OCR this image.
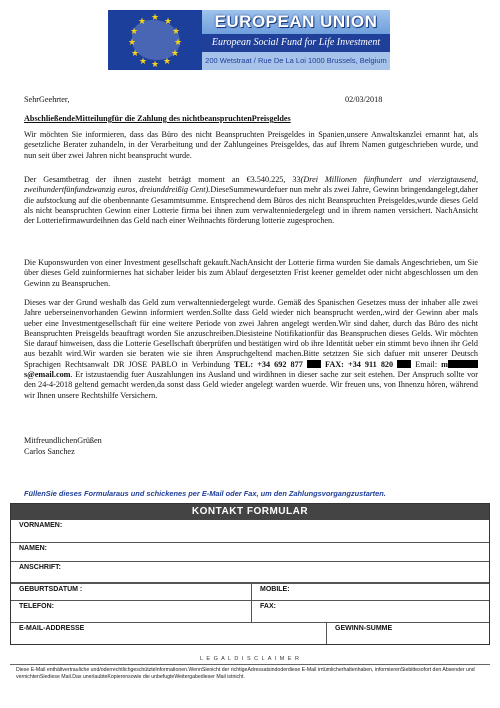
★ ★
★
★
★
★
★
★
★
★
★
★	EUROPEAN UNION
European Social Fund for Life Investment
200 Wetstraat / Rue De La Loi 1000 Brussels, Belgium
SehrGeehrter,	02/03/2018
AbschließendeMitteilungfür die Zahlung des nichtbeanspruchtenPreisgeldes
Wir möchten Sie informieren, dass das Büro des nicht Beanspruchten Preisgeldes in Spanien,unsere Anwaltskanzlei ernannt hat, als gesetzliche Berater zuhandeln, in der Verarbeitung und der Zahlungeines Preisgeldes, das auf Ihrem Namen gutgeschrieben wurde, und nun seit über zwei Jahren nicht beansprucht wurde.
Der Gesamtbetrag der ihnen zusteht beträgt moment an €3.540.225, 33(Drei Millionen fünfhundert und vierzigtausend, zweihundertfünfundzwanzig euros, dreiunddreißig Cent).DieseSummewurdefuer nun mehr als zwei Jahre, Gewinn bringendangelegt,daher die aufstockung auf die obenbennante Gesammtsumme. Entsprechend dem Büros des nicht Beanspruchten Preisgeldes,wurde dieses Geld als nicht beanspruchten Gewinn einer Lotterie firma bei ihnen zum verwaltenniedergelegt und in ihrem namen versichert. NachAnsicht der Lotteriefirmawurdeihnen das Geld nach einer Weihnachts förderung lotterie zugesprochen.
Die Kuponswurden von einer Investment gesellschaft gekauft.NachAnsicht der Lotterie firma wurden Sie damals Angeschrieben, um Sie über dieses Geld zuinformiernes hat sichaber leider bis zum Ablauf dergesetzten Frist keener gemeldet oder nicht abgeschlossen um den Gewinn zu Beanspruchen.
Dieses war der Grund weshalb das Geld zum verwaltenniedergelegt wurde. Gemäß des Spanischen Gesetzes muss der inhaber alle zwei Jahre ueberseinenvorhanden Gewinn informiert werden.Sollte dass Geld wieder nich beansprucht werden,.wird der Gewinn aber mals ueber eine Investmentgesellschaft für eine weitere Periode von zwei Jahren angelegt werden.Wir sind daher, durch das Büro des nicht Beanspruchten Preisgelds beauftragt worden Sie anzuschreiben.Diesisteine Notifikationfür das Beanspruchen dieses Gelds. Wir möchten Sie darauf hinweisen, dass die Lotterie Gesellschaft überprüfen und bestätigen wird ob ihre Identität ueber ein stimmt bevo ihnen ihr Geld aus bezahlt wird.Wir warden sie beraten wie sie ihren Anspruchgeltend machen.Bitte setztzen Sie sich dafuer mit unserer Deutsch Sprachigen Rechtsanwalt DR JOSE PABLO in Verbindung TEL: +34 692 877	FAX: +34 911 820	Email: ms@email.com. Er istzustaendig fuer Auszahlungen ins Ausland und wirdihnen in dieser sache zur seit estehen. Der Anspruch sollte vor den 24-4-2018 geltend gemacht werden,da sonst dass Geld wieder angelegt warden wuerde. Wir freuen uns, von Ihnenzu hören, während wir Ihnen unsere Rechtshilfe Versichern.
MitfreundlichenGrüßen
Carlos Sanchez
FüllenSie dieses Formularaus und schickenes per E-Mail oder Fax, um den Zahlungsvorgangzustarten.
KONTAKT FORMULAR
VORNAMEN:
NAMEN:
ANSCHRIFT:
GEBURTSDATUM :	MOBILE:
TELEFON:	FAX:
E-MAIL-ADDRESSE	GEWINN-SUMME
L E G A L D I S C L A I M E R
Diese E-Mail enthältvertrauliche und/oderrechtlichgeschütztelnformationen.WennSienicht der richtigeAdressatsindoderdiese E-Mail irrtümlicherhaltenhaben, informierenSiebittesofort den Absender und vernichtenSiediese Mail.Das unerlaubteKopierensowie die unbefugteWeitergabedieser Mail istnicht.
